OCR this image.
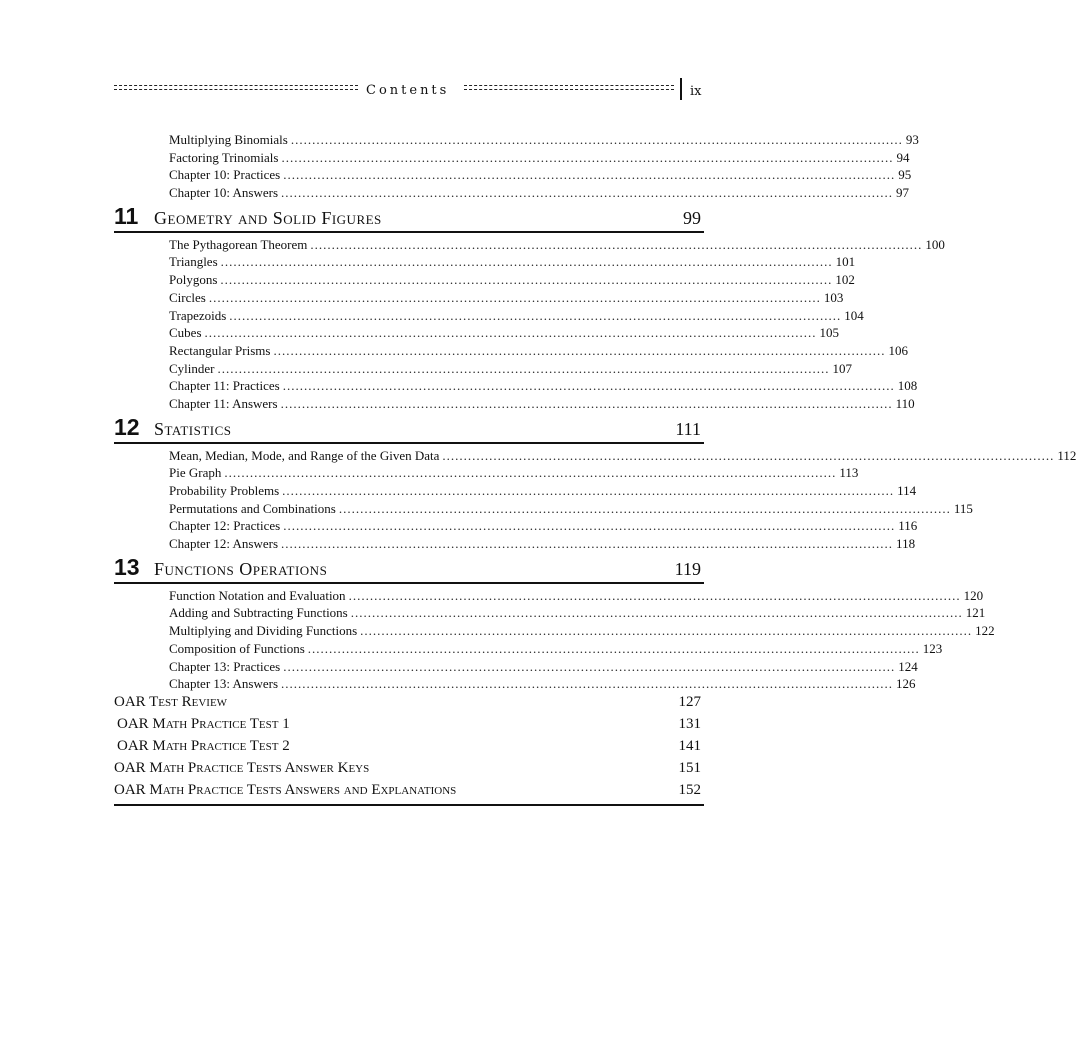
Contents	ix
Multiplying Binomials ................................................................................................................................................ 93
Factoring Trinomials ................................................................................................................................................ 94
Chapter 10: Practices ................................................................................................................................................ 95
Chapter 10: Answers ................................................................................................................................................ 97
11 Geometry and Solid Figures	99
The Pythagorean Theorem ................................................................................................................................................ 100
Triangles ................................................................................................................................................ 101
Polygons ................................................................................................................................................ 102
Circles ................................................................................................................................................ 103
Trapezoids ................................................................................................................................................ 104
Cubes ................................................................................................................................................ 105
Rectangular Prisms ................................................................................................................................................ 106
Cylinder ................................................................................................................................................ 107
Chapter 11: Practices ................................................................................................................................................ 108
Chapter 11: Answers ................................................................................................................................................ 110
12 Statistics	111
Mean, Median, Mode, and Range of the Given Data ................................................................................................................................................ 112
Pie Graph ................................................................................................................................................ 113
Probability Problems ................................................................................................................................................ 114
Permutations and Combinations ................................................................................................................................................ 115
Chapter 12: Practices ................................................................................................................................................ 116
Chapter 12: Answers ................................................................................................................................................ 118
13 Functions Operations	119
Function Notation and Evaluation ................................................................................................................................................ 120
Adding and Subtracting Functions ................................................................................................................................................ 121
Multiplying and Dividing Functions ................................................................................................................................................ 122
Composition of Functions ................................................................................................................................................ 123
Chapter 13: Practices ................................................................................................................................................ 124
Chapter 13: Answers ................................................................................................................................................ 126
OAR Test Review	127
OAR Math Practice Test 1	131
OAR Math Practice Test 2	141
OAR Math Practice Tests Answer Keys	151
OAR Math Practice Tests Answers and Explanations	152
